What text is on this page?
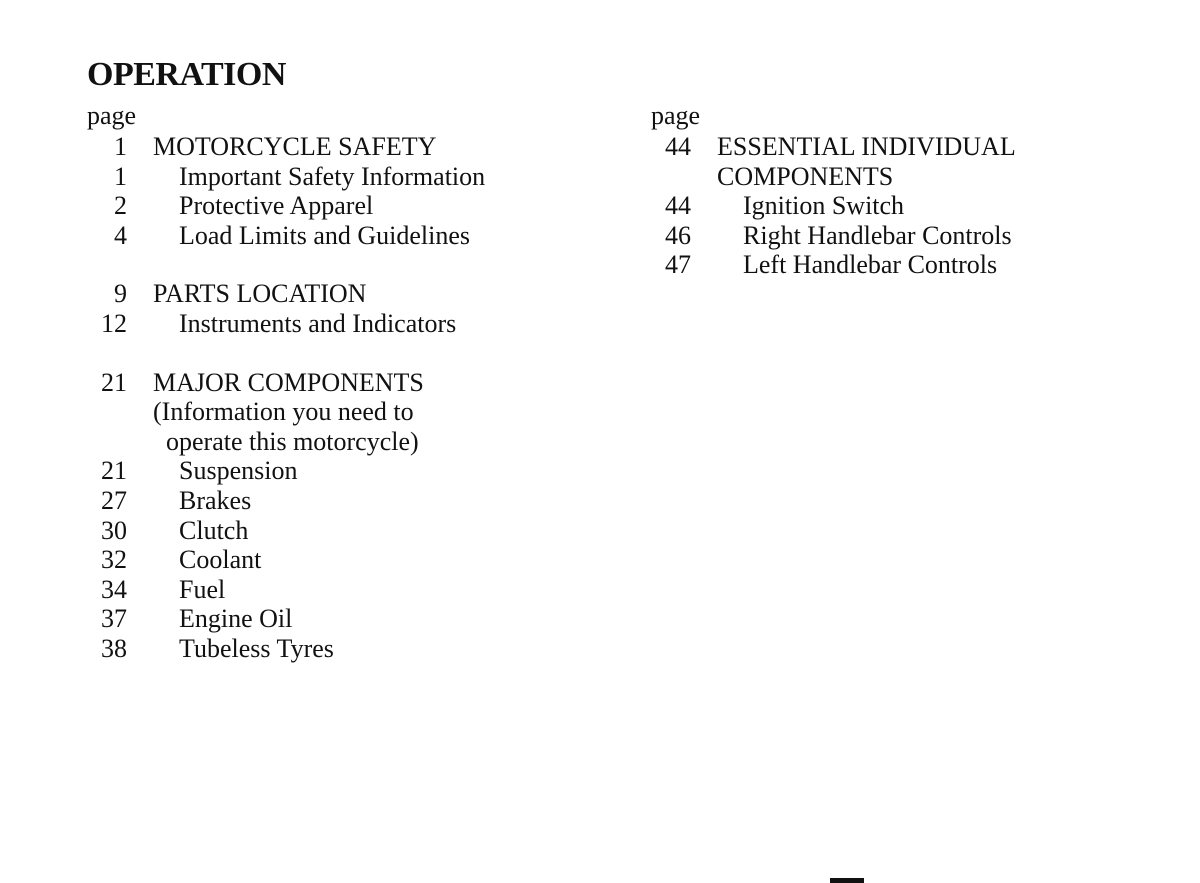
OPERATION
page
1 MOTORCYCLE SAFETY
1 Important Safety Information
2 Protective Apparel
4 Load Limits and Guidelines
9 PARTS LOCATION
12 Instruments and Indicators
21 MAJOR COMPONENTS
(Information you need to
operate this motorcycle)
21 Suspension
27 Brakes
30 Clutch
32 Coolant
34 Fuel
37 Engine Oil
38 Tubeless Tyres
page
44 ESSENTIAL INDIVIDUAL
COMPONENTS
44 Ignition Switch
46 Right Handlebar Controls
47 Left Handlebar Controls
